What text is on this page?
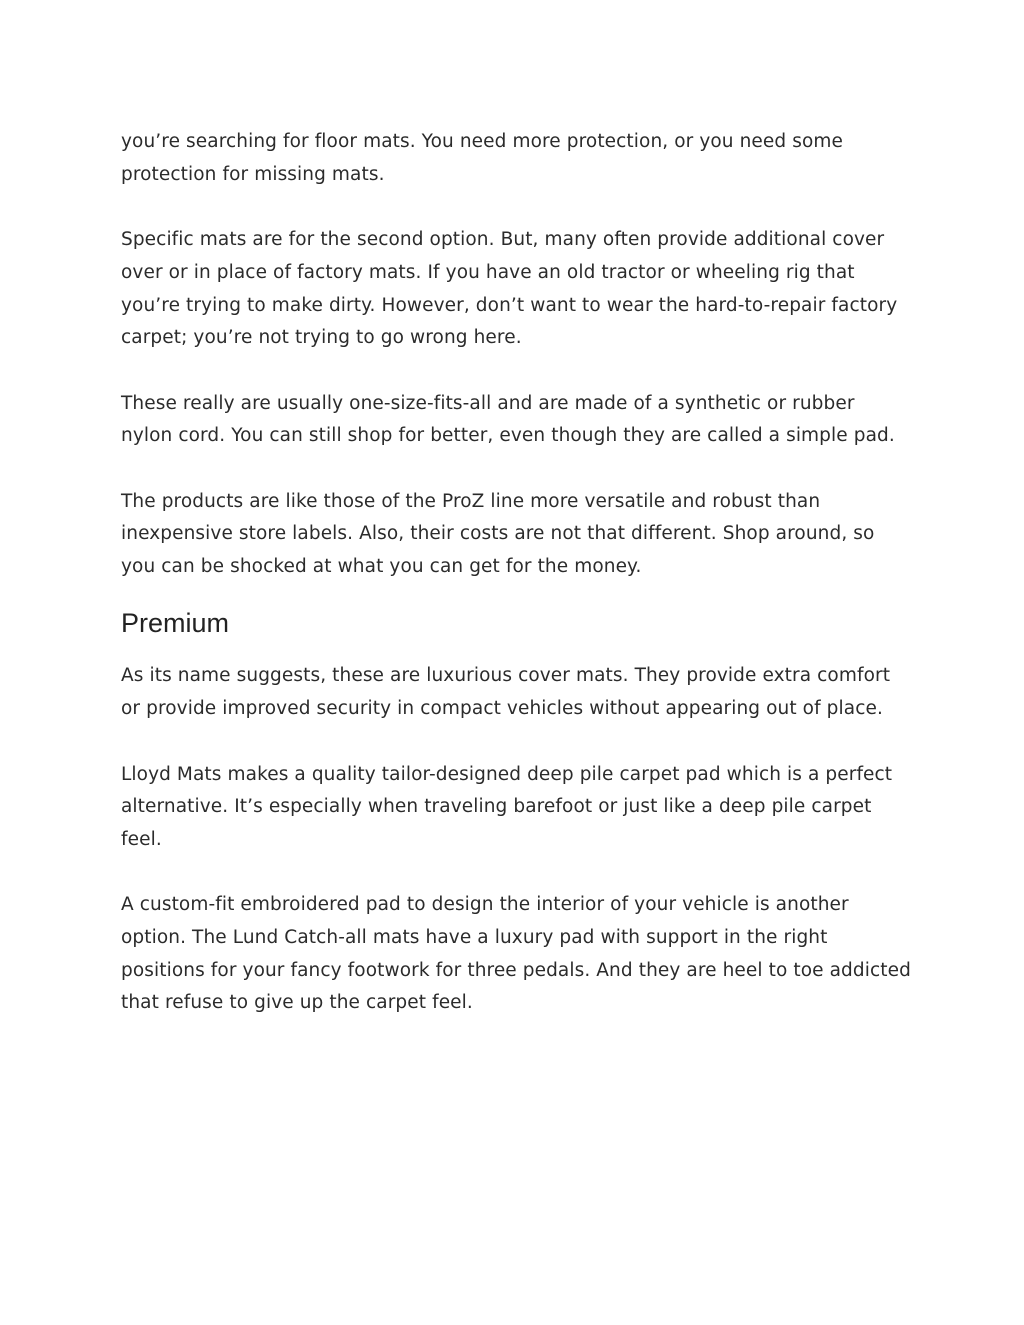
you’re searching for floor mats. You need more protection, or you need some protection for missing mats.

Specific mats are for the second option. But, many often provide additional cover over or in place of factory mats. If you have an old tractor or wheeling rig that you’re trying to make dirty. However, don’t want to wear the hard-to-repair factory carpet; you’re not trying to go wrong here.

These really are usually one-size-fits-all and are made of a synthetic or rubber nylon cord. You can still shop for better, even though they are called a simple pad.

The products are like those of the ProZ line more versatile and robust than inexpensive store labels. Also, their costs are not that different. Shop around, so you can be shocked at what you can get for the money.

Premium

As its name suggests, these are luxurious cover mats. They provide extra comfort or provide improved security in compact vehicles without appearing out of place.

Lloyd Mats makes a quality tailor-designed deep pile carpet pad which is a perfect alternative. It’s especially when traveling barefoot or just like a deep pile carpet feel.

A custom-fit embroidered pad to design the interior of your vehicle is another option. The Lund Catch-all mats have a luxury pad with support in the right positions for your fancy footwork for three pedals. And they are heel to toe addicted that refuse to give up the carpet feel.
